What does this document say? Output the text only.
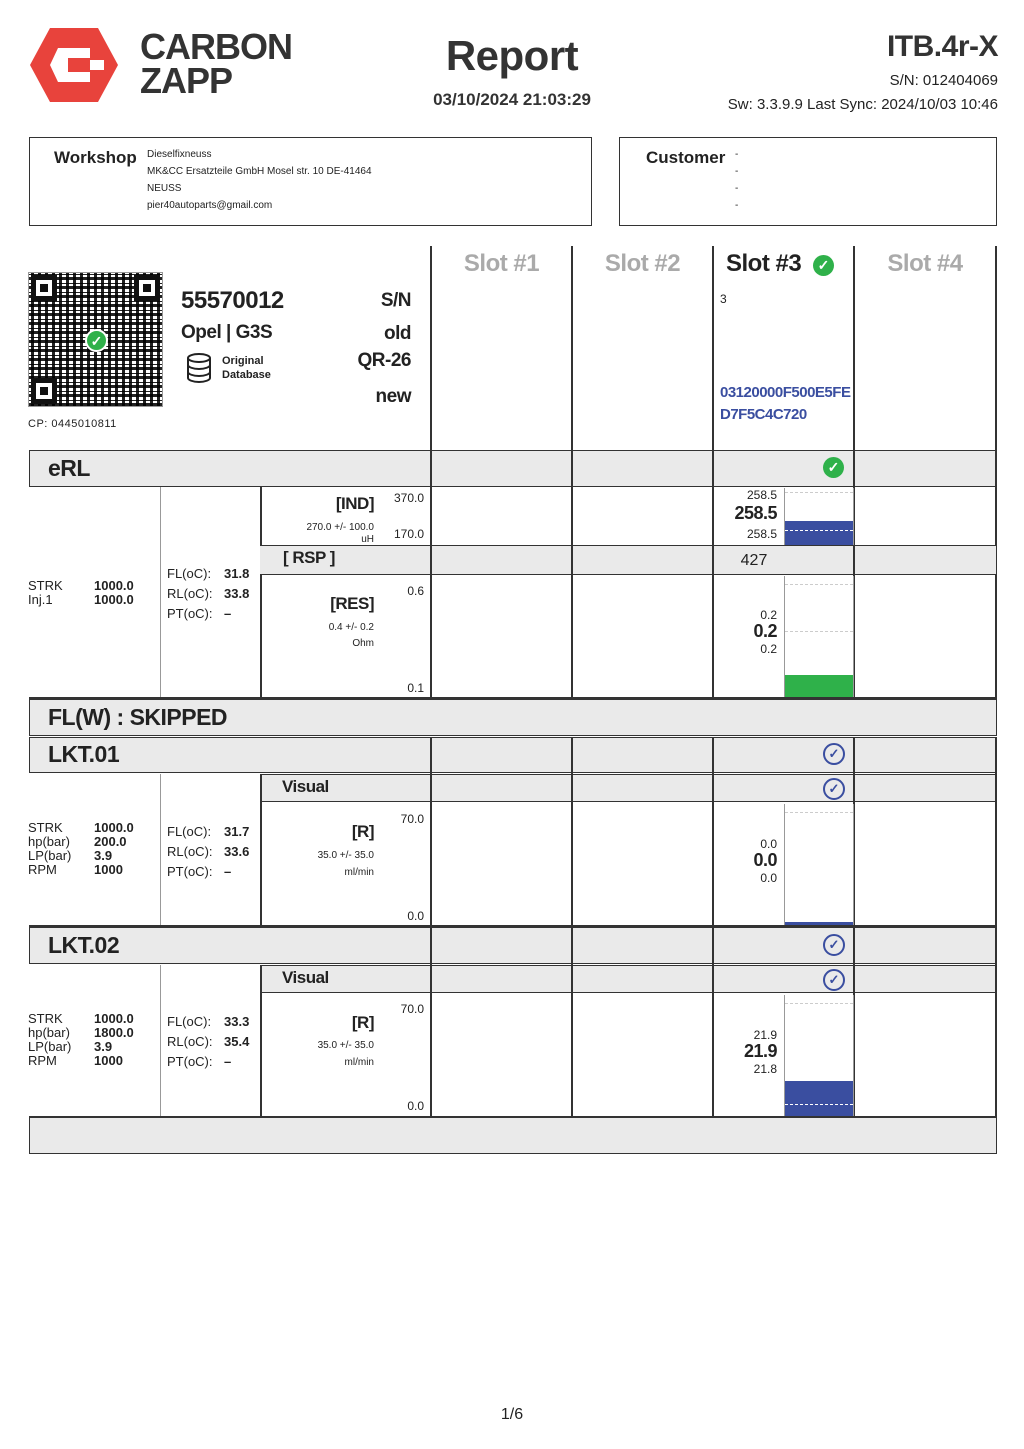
CARBON
ZAPP
Report
03/10/2024 21:03:29
ITB.4r-X
S/N: 012404069
Sw: 3.3.9.9 Last Sync: 2024/10/03 10:46
Workshop Dieselfixneuss
MK&CC Ersatzteile GmbH Mosel str. 10 DE-41464
NEUSS
pier40autoparts@gmail.com
Customer -
-
-
-
Slot #1	Slot #2	Slot #3	✓	Slot #4
✓
CP: 0445010811
55570012
Opel | G3S
Original
Database
S/N
old
QR-26
new
3
03120000F500E5FE
D7F5C4C720
eRL	✓
STRK 1000.0
Inj.1	1000.0
FL(oC): 31.8
RL(oC): 33.8
PT(oC): –
[IND]	370.0
270.0 +/- 100.0
uH	170.0
258.5
258.5
258.5
[ RSP ]	427
[RES]
0.6
0.4 +/- 0.2
Ohm
0.1
0.2
0.2
0.2
FL(W) : SKIPPED
LKT.01	✓
Visual	✓
STRK 1000.0
hp(bar) 200.0
LP(bar) 3.9
RPM	1000
FL(oC): 31.7
RL(oC): 33.6
PT(oC): –
[R]
70.0
35.0 +/- 35.0
ml/min
0.0
0.0
0.0
0.0
LKT.02	✓
Visual	✓
STRK 1000.0
hp(bar) 1800.0
LP(bar) 3.9
RPM	1000
FL(oC): 33.3
RL(oC): 35.4
PT(oC): –
[R]
70.0
35.0 +/- 35.0
ml/min
0.0
21.9
21.9
21.8
1/6
